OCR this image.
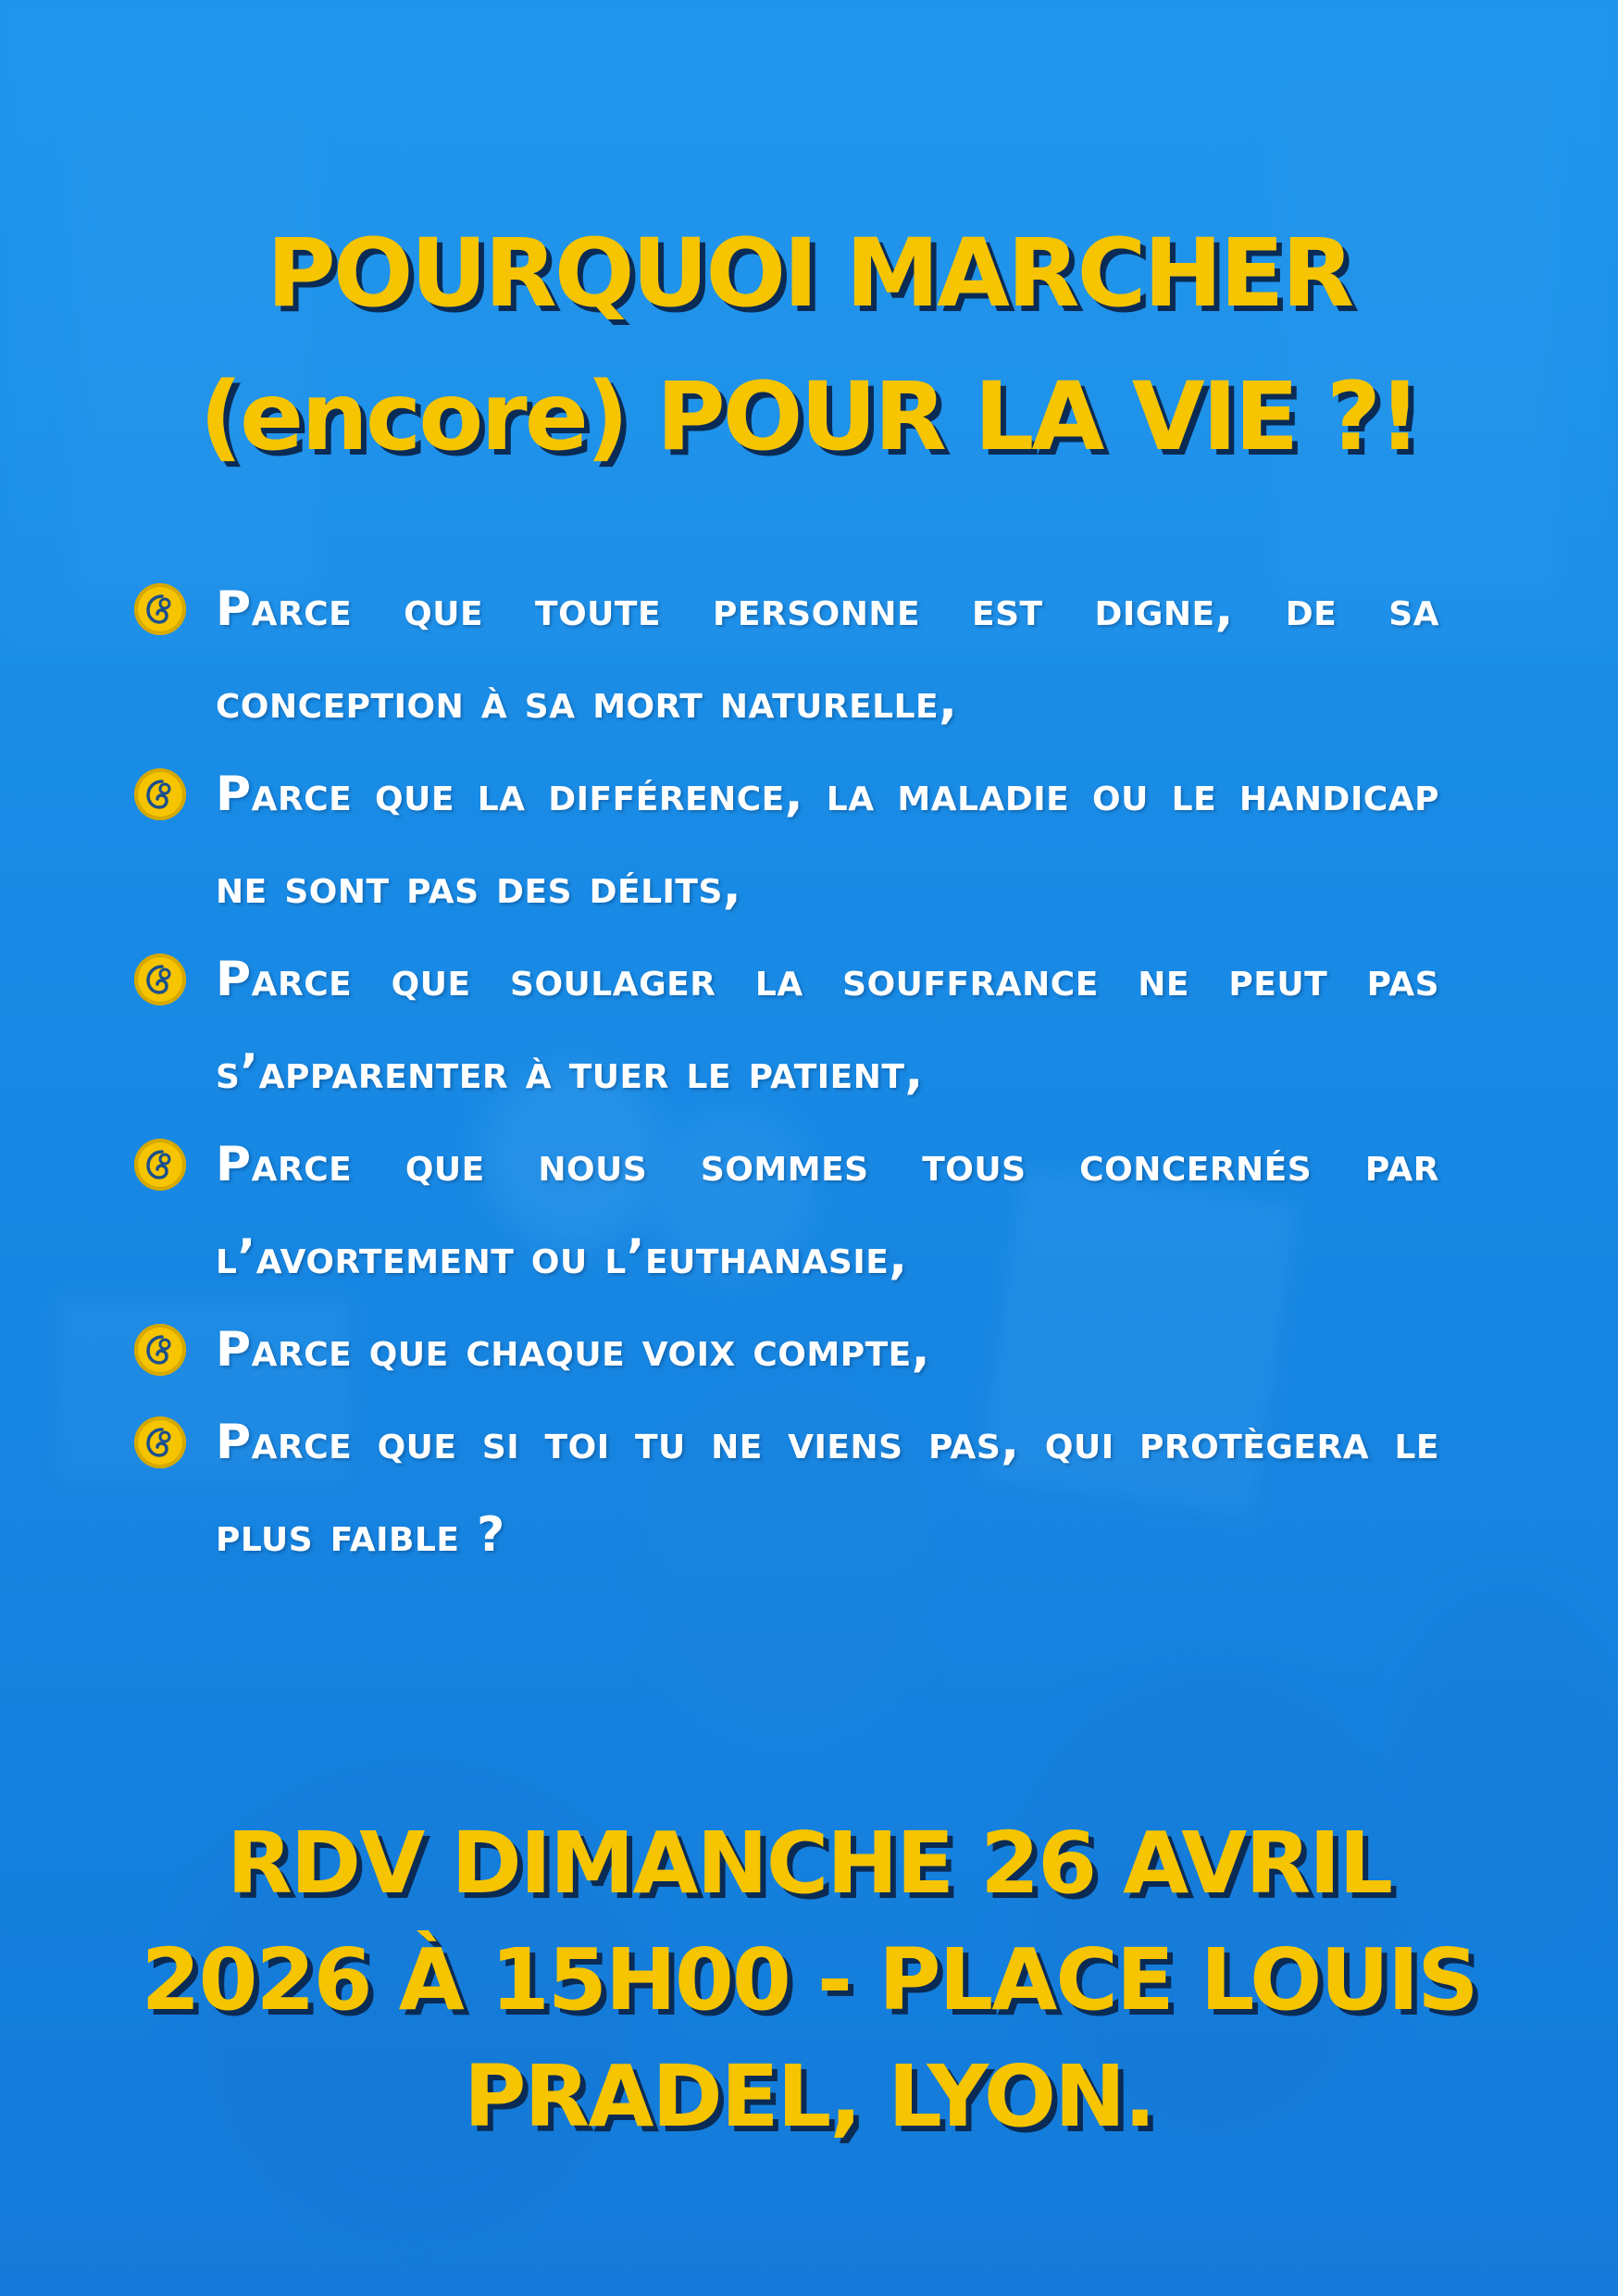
POURQUOI MARCHER
(encore) POUR LA VIE ?!
Parce que toute personne est digne, de sa conception à sa mort naturelle,
Parce que la différence, la maladie ou le handicap ne sont pas des délits,
Parce que soulager la souffrance ne peut pas s’apparenter à tuer le patient,
Parce que nous sommes tous concernés par l’avortement ou l’euthanasie,
Parce que chaque voix compte,
Parce que si toi tu ne viens pas, qui protègera le plus faible ?
RDV DIMANCHE 26 AVRIL
2026 À 15H00 - PLACE LOUIS
PRADEL, LYON.
